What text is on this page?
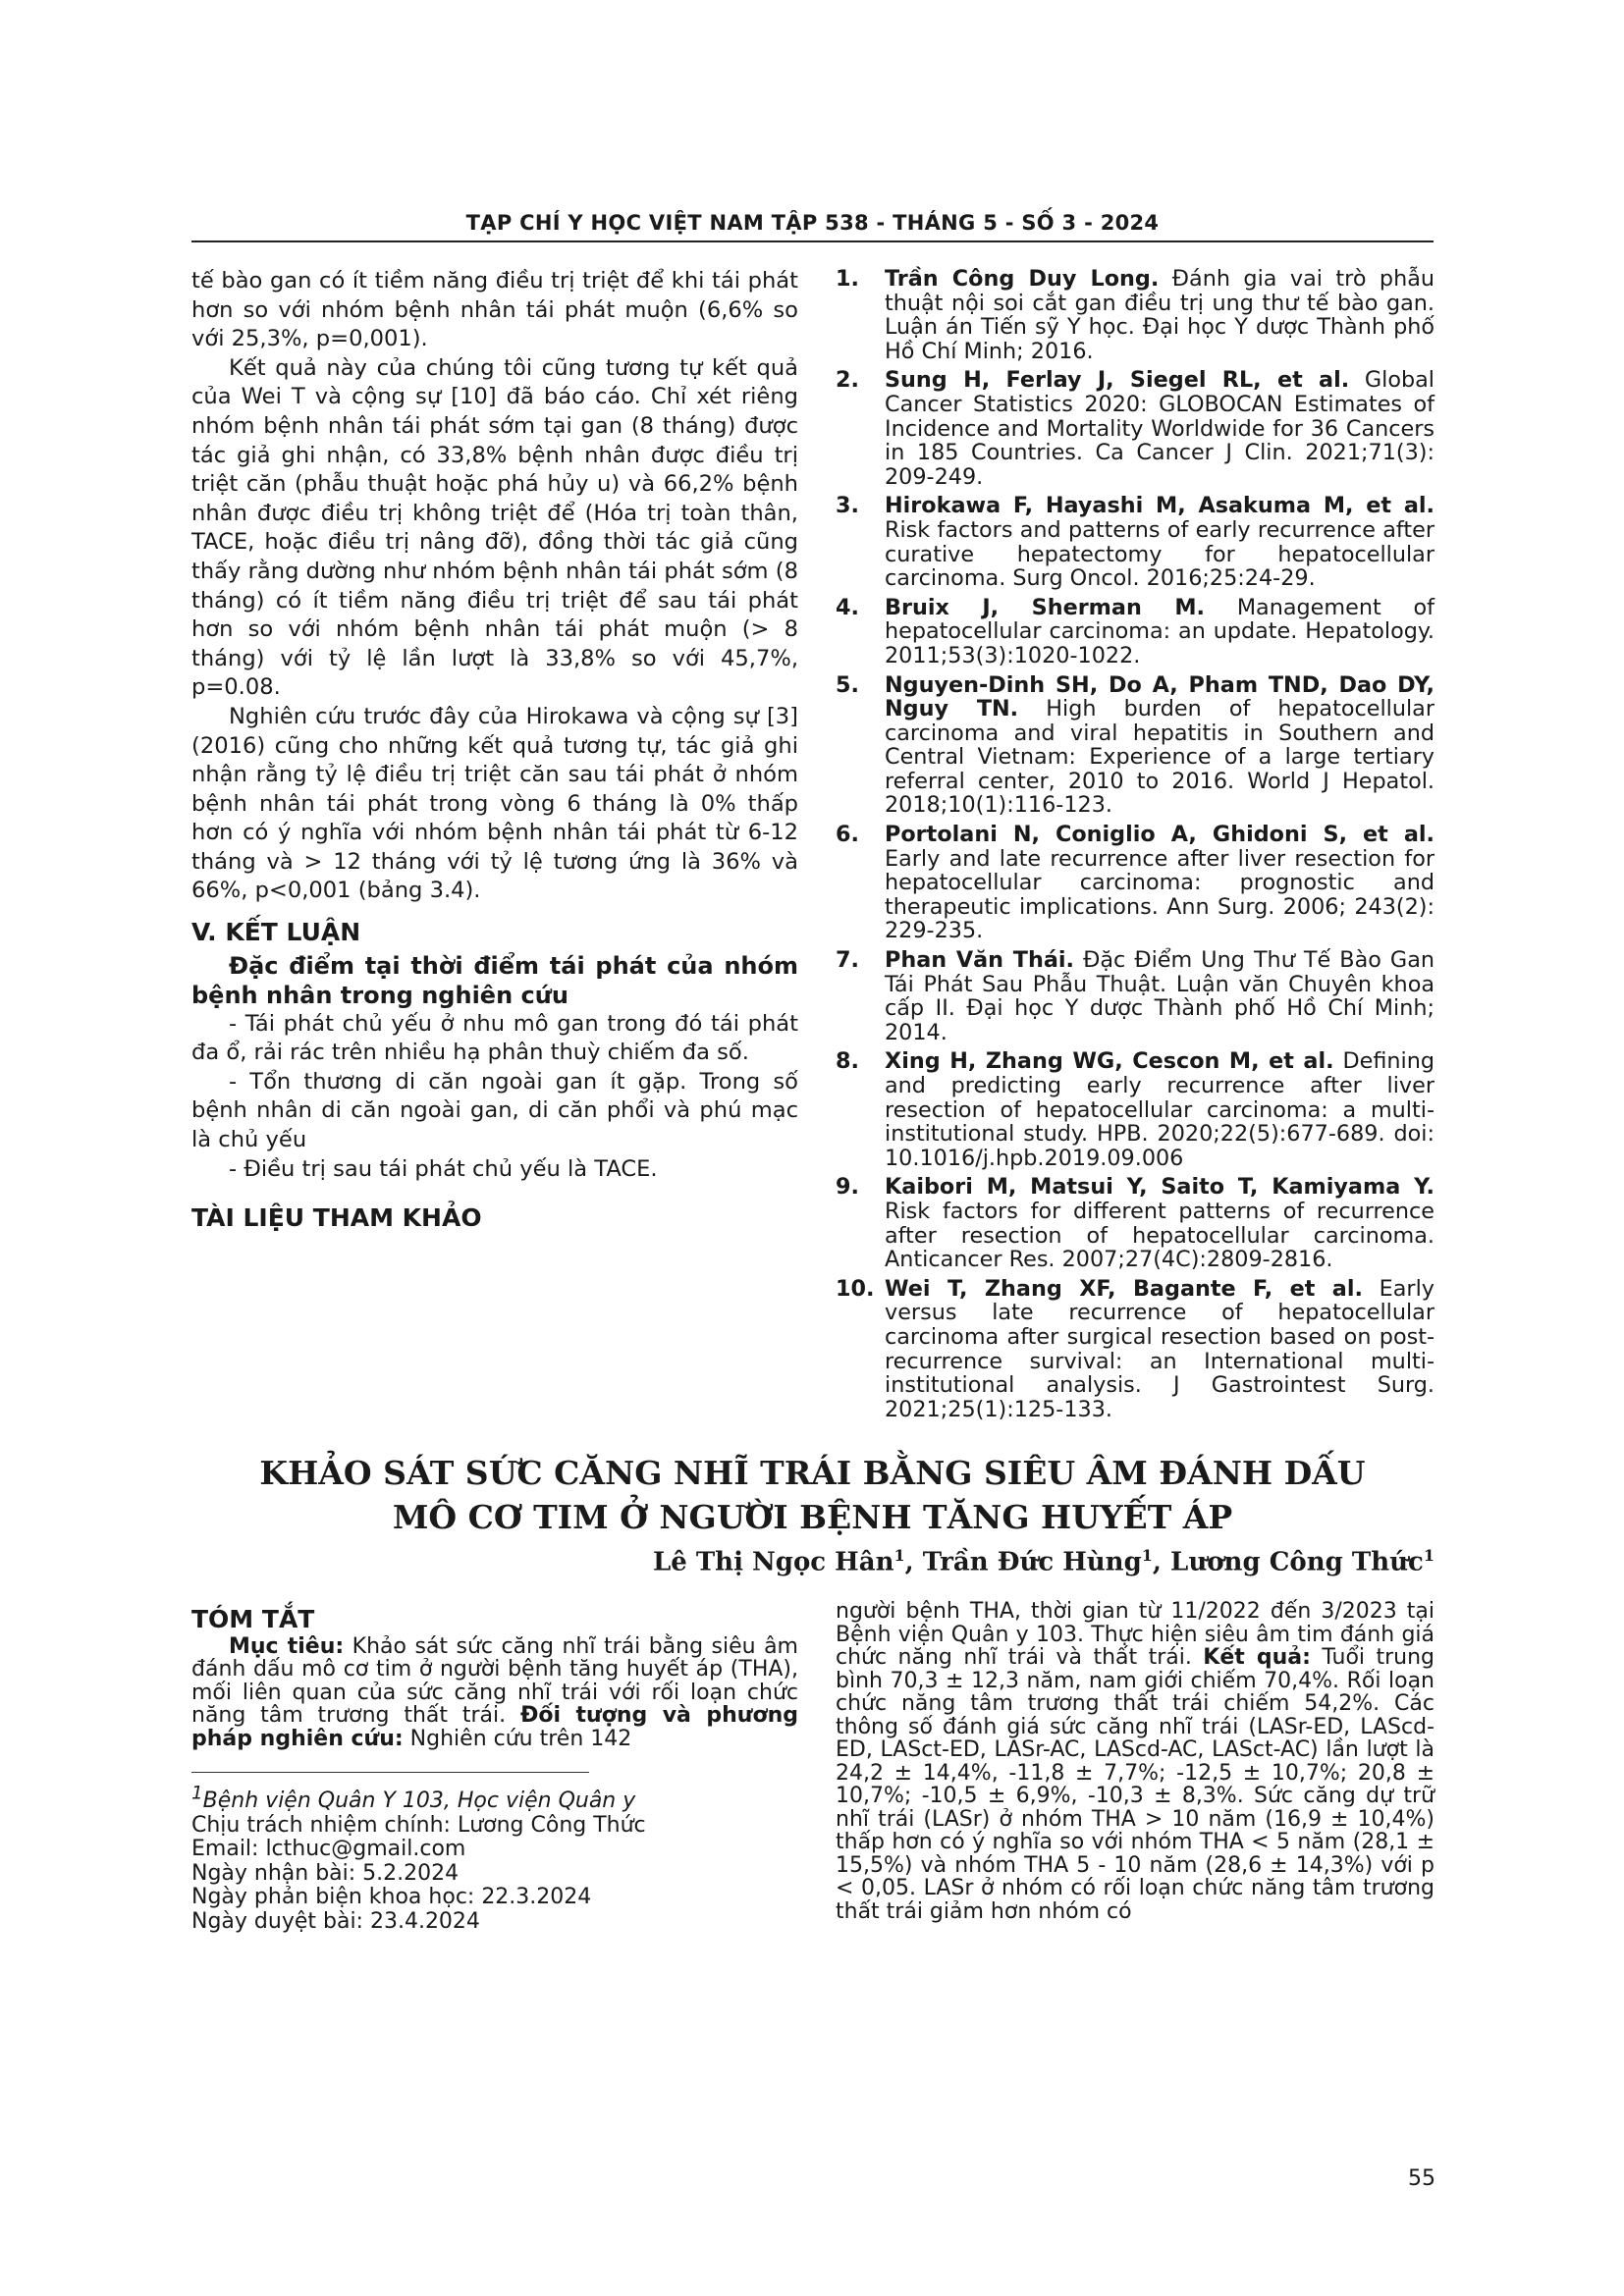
TẠP CHÍ Y HỌC VIỆT NAM TẬP 538 - THÁNG 5 - SỐ 3 - 2024

tế bào gan có ít tiềm năng điều trị triệt để khi tái phát hơn so với nhóm bệnh nhân tái phát muộn (6,6% so với 25,3%, p=0,001).

Kết quả này của chúng tôi cũng tương tự kết quả của Wei T và cộng sự [10] đã báo cáo. Chỉ xét riêng nhóm bệnh nhân tái phát sớm tại gan (8 tháng) được tác giả ghi nhận, có 33,8% bệnh nhân được điều trị triệt căn (phẫu thuật hoặc phá hủy u) và 66,2% bệnh nhân được điều trị không triệt để (Hóa trị toàn thân, TACE, hoặc điều trị nâng đỡ), đồng thời tác giả cũng thấy rằng dường như nhóm bệnh nhân tái phát sớm (8 tháng) có ít tiềm năng điều trị triệt để sau tái phát hơn so với nhóm bệnh nhân tái phát muộn (> 8 tháng) với tỷ lệ lần lượt là 33,8% so với 45,7%, p=0.08.

Nghiên cứu trước đây của Hirokawa và cộng sự [3] (2016) cũng cho những kết quả tương tự, tác giả ghi nhận rằng tỷ lệ điều trị triệt căn sau tái phát ở nhóm bệnh nhân tái phát trong vòng 6 tháng là 0% thấp hơn có ý nghĩa với nhóm bệnh nhân tái phát từ 6-12 tháng và > 12 tháng với tỷ lệ tương ứng là 36% và 66%, p<0,001 (bảng 3.4).

V. KẾT LUẬN
Đặc điểm tại thời điểm tái phát của nhóm bệnh nhân trong nghiên cứu

- Tái phát chủ yếu ở nhu mô gan trong đó tái phát đa ổ, rải rác trên nhiều hạ phân thuỳ chiếm đa số.

- Tổn thương di căn ngoài gan ít gặp. Trong số bệnh nhân di căn ngoài gan, di căn phổi và phú mạc là chủ yếu

- Điều trị sau tái phát chủ yếu là TACE.

TÀI LIỆU THAM KHẢO
1. Trần Công Duy Long. Đánh gia vai trò phẫu thuật nội soi cắt gan điều trị ung thư tế bào gan. Luận án Tiến sỹ Y học. Đại học Y dược Thành phố Hồ Chí Minh; 2016.
2. Sung H, Ferlay J, Siegel RL, et al. Global Cancer Statistics 2020: GLOBOCAN Estimates of Incidence and Mortality Worldwide for 36 Cancers in 185 Countries. Ca Cancer J Clin. 2021;71(3): 209-249.
3. Hirokawa F, Hayashi M, Asakuma M, et al. Risk factors and patterns of early recurrence after curative hepatectomy for hepatocellular carcinoma. Surg Oncol. 2016;25:24-29.
4. Bruix J, Sherman M. Management of hepatocellular carcinoma: an update. Hepatology. 2011;53(3):1020-1022.
5. Nguyen-Dinh SH, Do A, Pham TND, Dao DY, Nguy TN. High burden of hepatocellular carcinoma and viral hepatitis in Southern and Central Vietnam: Experience of a large tertiary referral center, 2010 to 2016. World J Hepatol. 2018;10(1):116-123.
6. Portolani N, Coniglio A, Ghidoni S, et al. Early and late recurrence after liver resection for hepatocellular carcinoma: prognostic and therapeutic implications. Ann Surg. 2006; 243(2): 229-235.
7. Phan Văn Thái. Đặc Điểm Ung Thư Tế Bào Gan Tái Phát Sau Phẫu Thuật. Luận văn Chuyên khoa cấp II. Đại học Y dược Thành phố Hồ Chí Minh; 2014.
8. Xing H, Zhang WG, Cescon M, et al. Defining and predicting early recurrence after liver resection of hepatocellular carcinoma: a multi-institutional study. HPB. 2020;22(5):677-689. doi: 10.1016/j.hpb.2019.09.006
9. Kaibori M, Matsui Y, Saito T, Kamiyama Y. Risk factors for different patterns of recurrence after resection of hepatocellular carcinoma. Anticancer Res. 2007;27(4C):2809-2816.
10. Wei T, Zhang XF, Bagante F, et al. Early versus late recurrence of hepatocellular carcinoma after surgical resection based on post-recurrence survival: an International multi-institutional analysis. J Gastrointest Surg. 2021;25(1):125-133.
KHẢO SÁT SỨC CĂNG NHĨ TRÁI BẰNG SIÊU ÂM ĐÁNH DẤU
MÔ CƠ TIM Ở NGƯỜI BỆNH TĂNG HUYẾT ÁP
Lê Thị Ngọc Hân$^1$, Trần Đức Hùng$^1$, Lương Công Thức$^1$
TÓM TẮT

Mục tiêu: Khảo sát sức căng nhĩ trái bằng siêu âm đánh dấu mô cơ tim ở người bệnh tăng huyết áp (THA), mối liên quan của sức căng nhĩ trái với rối loạn chức năng tâm trương thất trái. Đối tượng và phương pháp nghiên cứu: Nghiên cứu trên 142

$^1$Bệnh viện Quân Y 103, Học viện Quân y

Chịu trách nhiệm chính: Lương Công Thức

Email: lcthuc@gmail.com

Ngày nhận bài: 5.2.2024

Ngày phản biện khoa học: 22.3.2024

Ngày duyệt bài: 23.4.2024

người bệnh THA, thời gian từ 11/2022 đến 3/2023 tại Bệnh viện Quân y 103. Thực hiện siêu âm tim đánh giá chức năng nhĩ trái và thất trái. Kết quả: Tuổi trung bình 70,3 ± 12,3 năm, nam giới chiếm 70,4%. Rối loạn chức năng tâm trương thất trái chiếm 54,2%. Các thông số đánh giá sức căng nhĩ trái (LASr-ED, LAScd-ED, LASct-ED, LASr-AC, LAScd-AC, LASct-AC) lần lượt là 24,2 ± 14,4%, -11,8 ± 7,7%; -12,5 ± 10,7%; 20,8 ± 10,7%; -10,5 ± 6,9%, -10,3 ± 8,3%. Sức căng dự trữ nhĩ trái (LASr) ở nhóm THA > 10 năm (16,9 ± 10,4%) thấp hơn có ý nghĩa so với nhóm THA < 5 năm (28,1 ± 15,5%) và nhóm THA 5 - 10 năm (28,6 ± 14,3%) với p < 0,05. LASr ở nhóm có rối loạn chức năng tâm trương thất trái giảm hơn nhóm có

55
